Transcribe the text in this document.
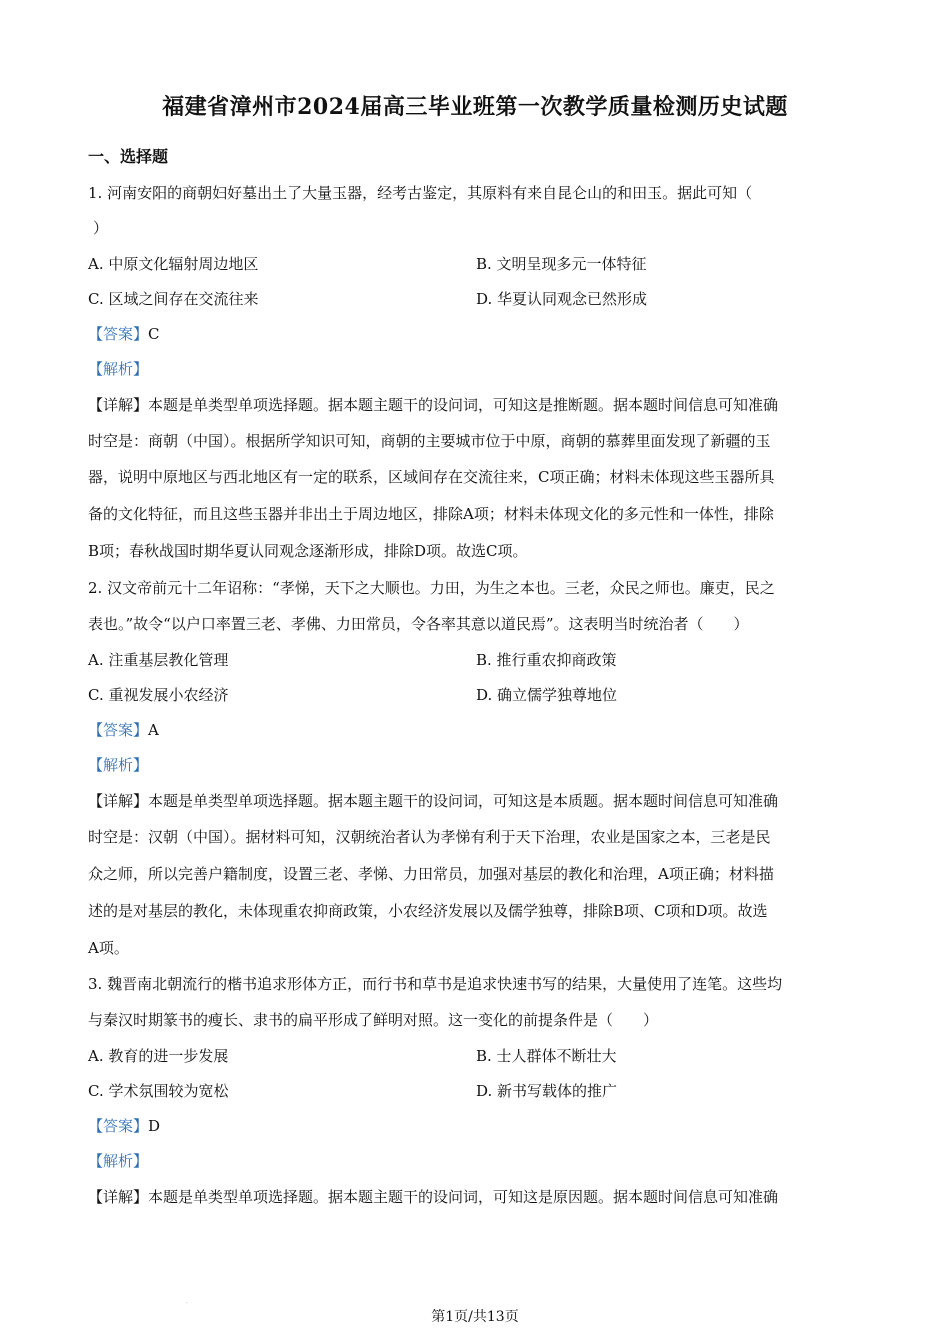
福建省漳州市2024届高三毕业班第一次教学质量检测历史试题
一、选择题
1. 河南安阳的商朝妇好墓出土了大量玉器，经考古鉴定，其原料有来自昆仑山的和田玉。据此可知（
）
A. 中原文化辐射周边地区	B. 文明呈现多元一体特征
C. 区域之间存在交流往来	D. 华夏认同观念已然形成
【答案】C
【解析】
【详解】本题是单类型单项选择题。据本题主题干的设问词，可知这是推断题。据本题时间信息可知准确
时空是：商朝（中国）。根据所学知识可知，商朝的主要城市位于中原，商朝的慕葬里面发现了新疆的玉
器，说明中原地区与西北地区有一定的联系，区域间存在交流往来，C项正确；材料未体现这些玉器所具
备的文化特征，而且这些玉器并非出土于周边地区，排除A项；材料未体现文化的多元性和一体性，排除
B项；春秋战国时期华夏认同观念逐渐形成，排除D项。故选C项。
2. 汉文帝前元十二年诏称：“孝悌，天下之大顺也。力田，为生之本也。三老，众民之师也。廉吏，民之
表也。”故令“以户口率置三老、孝佛、力田常员，令各率其意以道民焉”。这表明当时统治者（　　）
A. 注重基层教化管理	B. 推行重农抑商政策
C. 重视发展小农经济	D. 确立儒学独尊地位
【答案】A
【解析】
【详解】本题是单类型单项选择题。据本题主题干的设问词，可知这是本质题。据本题时间信息可知准确
时空是：汉朝（中国）。据材料可知，汉朝统治者认为孝悌有利于天下治理，农业是国家之本，三老是民
众之师，所以完善户籍制度，设置三老、孝悌、力田常员，加强对基层的教化和治理，A项正确；材料描
述的是对基层的教化，未体现重农抑商政策，小农经济发展以及儒学独尊，排除B项、C项和D项。故选
A项。
3. 魏晋南北朝流行的楷书追求形体方正，而行书和草书是追求快速书写的结果，大量使用了连笔。这些均
与秦汉时期篆书的瘦长、隶书的扁平形成了鲜明对照。这一变化的前提条件是（　　）
A. 教育的进一步发展	B. 士人群体不断壮大
C. 学术氛围较为宽松	D. 新书写载体的推广
【答案】D
【解析】
【详解】本题是单类型单项选择题。据本题主题干的设问词，可知这是原因题。据本题时间信息可知准确
·
第1页/共13页
